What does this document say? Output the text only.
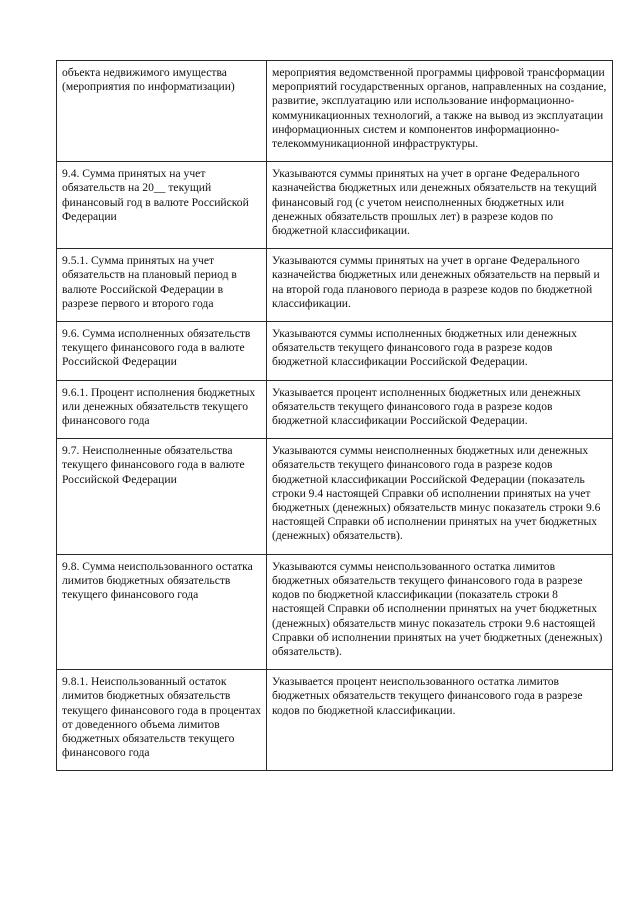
объекта недвижимого имущества (мероприятия по информатизации)	мероприятия ведомственной программы цифровой трансформации мероприятий государственных органов, направленных на создание, развитие, эксплуатацию или использование информационно-коммуникационных технологий, а также на вывод из эксплуатации информационных систем и компонентов информационно-телекоммуникационной инфраструктуры.
9.4. Сумма принятых на учет обязательств на 20__ текущий финансовый год в валюте Российской Федерации	Указываются суммы принятых на учет в органе Федерального казначейства бюджетных или денежных обязательств на текущий финансовый год (с учетом неисполненных бюджетных или денежных обязательств прошлых лет) в разрезе кодов по бюджетной классификации.
9.5.1. Сумма принятых на учет обязательств на плановый период в валюте Российской Федерации в разрезе первого и второго года	Указываются суммы принятых на учет в органе Федерального казначейства бюджетных или денежных обязательств на первый и на второй года планового периода в разрезе кодов по бюджетной классификации.
9.6. Сумма исполненных обязательств текущего финансового года в валюте Российской Федерации	Указываются суммы исполненных бюджетных или денежных обязательств текущего финансового года в разрезе кодов бюджетной классификации Российской Федерации.
9.6.1. Процент исполнения бюджетных или денежных обязательств текущего финансового года	Указывается процент исполненных бюджетных или денежных обязательств текущего финансового года в разрезе кодов бюджетной классификации Российской Федерации.
9.7. Неисполненные обязательства текущего финансового года в валюте Российской Федерации	Указываются суммы неисполненных бюджетных или денежных обязательств текущего финансового года в разрезе кодов бюджетной классификации Российской Федерации (показатель строки 9.4 настоящей Справки об исполнении принятых на учет бюджетных (денежных) обязательств минус показатель строки 9.6 настоящей Справки об исполнении принятых на учет бюджетных (денежных) обязательств).
9.8. Сумма неиспользованного остатка лимитов бюджетных обязательств текущего финансового года	Указываются суммы неиспользованного остатка лимитов бюджетных обязательств текущего финансового года в разрезе кодов по бюджетной классификации (показатель строки 8 настоящей Справки об исполнении принятых на учет бюджетных (денежных) обязательств минус показатель строки 9.6 настоящей Справки об исполнении принятых на учет бюджетных (денежных) обязательств).
9.8.1. Неиспользованный остаток лимитов бюджетных обязательств текущего финансового года в процентах от доведенного объема лимитов бюджетных обязательств текущего финансового года	Указывается процент неиспользованного остатка лимитов бюджетных обязательств текущего финансового года в разрезе кодов по бюджетной классификации.
